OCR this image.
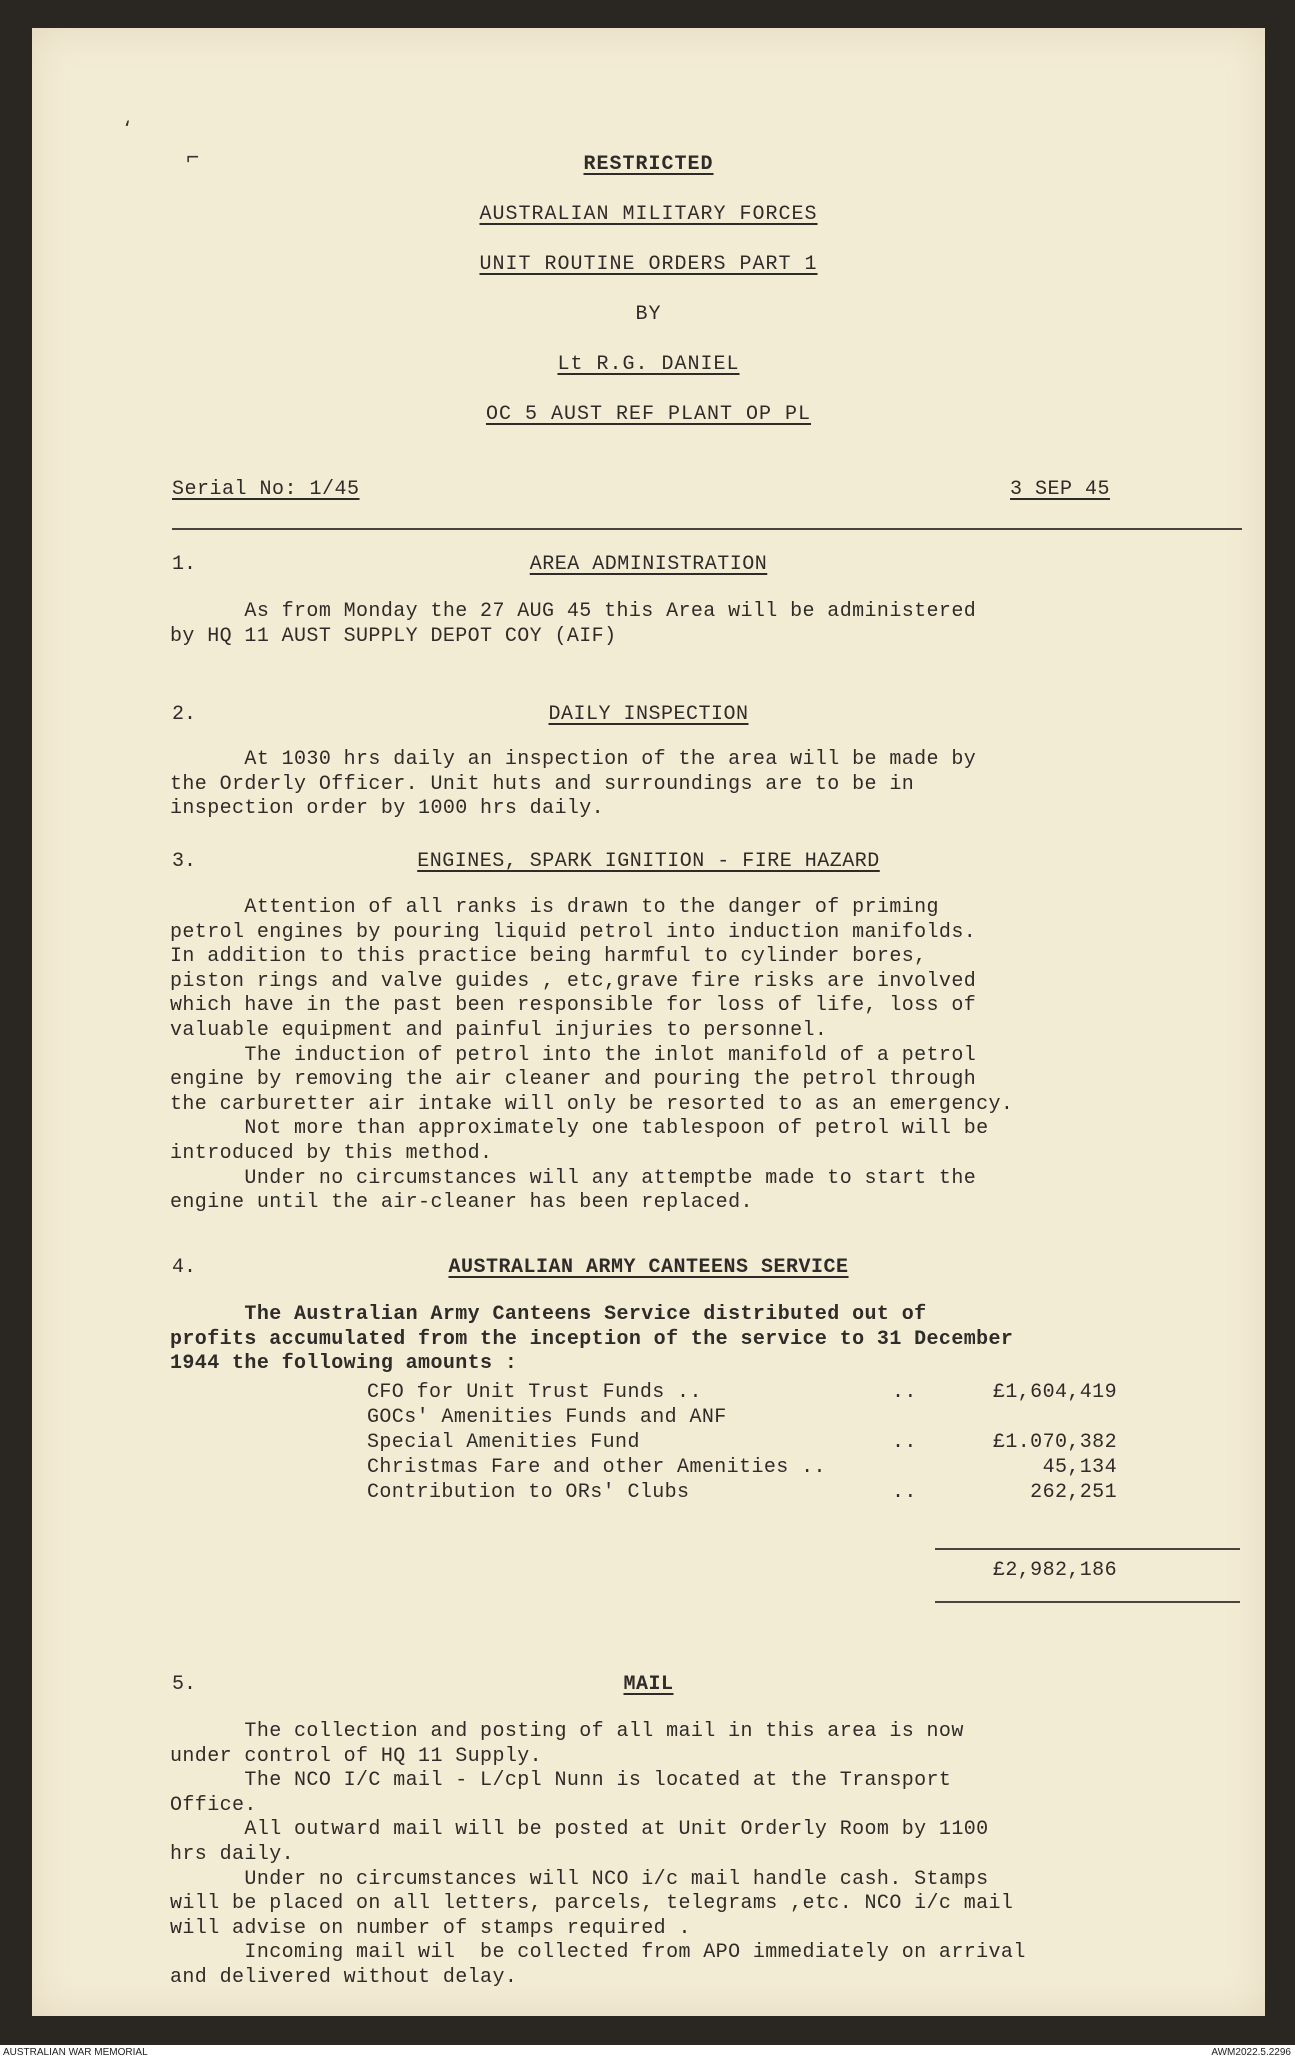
⸲
⌐	RESTRICTED
AUSTRALIAN MILITARY FORCES
UNIT ROUTINE ORDERS PART 1
BY
Lt R.G. DANIEL
OC 5 AUST REF PLANT OP PL
Serial No: 1/45	3 SEP 45
1.	AREA ADMINISTRATION
As from Monday the 27 AUG 45 this Area will be administered
by HQ 11 AUST SUPPLY DEPOT COY (AIF)
2.	DAILY INSPECTION
At 1030 hrs daily an inspection of the area will be made by
the Orderly Officer. Unit huts and surroundings are to be in
inspection order by 1000 hrs daily.
3.	ENGINES, SPARK IGNITION - FIRE HAZARD
Attention of all ranks is drawn to the danger of priming
petrol engines by pouring liquid petrol into induction manifolds.
In addition to this practice being harmful to cylinder bores,
piston rings and valve guides , etc,grave fire risks are involved
which have in the past been responsible for loss of life, loss of
valuable equipment and painful injuries to personnel.
The induction of petrol into the inlot manifold of a petrol
engine by removing the air cleaner and pouring the petrol through
the carburetter air intake will only be resorted to as an emergency.
Not more than approximately one tablespoon of petrol will be
introduced by this method.
Under no circumstances will any attemptbe made to start the
engine until the air-cleaner has been replaced.
4.	AUSTRALIAN ARMY CANTEENS SERVICE
The Australian Army Canteens Service distributed out of
profits accumulated from the inception of the service to 31 December
1944 the following amounts :
CFO for Unit Trust Funds ..	..	£1,604,419
GOCs' Amenities Funds and ANF
Special Amenities Fund	..	£1.070,382
Christmas Fare and other Amenities ..	45,134
Contribution to ORs' Clubs	..	262,251
£2,982,186
5.	MAIL
The collection and posting of all mail in this area is now
under control of HQ 11 Supply.
The NCO I/C mail - L/cpl Nunn is located at the Transport
Office.
All outward mail will be posted at Unit Orderly Room by 1100
hrs daily.
Under no circumstances will NCO i/c mail handle cash. Stamps
will be placed on all letters, parcels, telegrams ,etc. NCO i/c mail
will advise on number of stamps required .
Incoming mail wil  be collected from APO immediately on arrival
and delivered without delay.
AUSTRALIAN WAR MEMORIAL	AWM2022.5.2296
